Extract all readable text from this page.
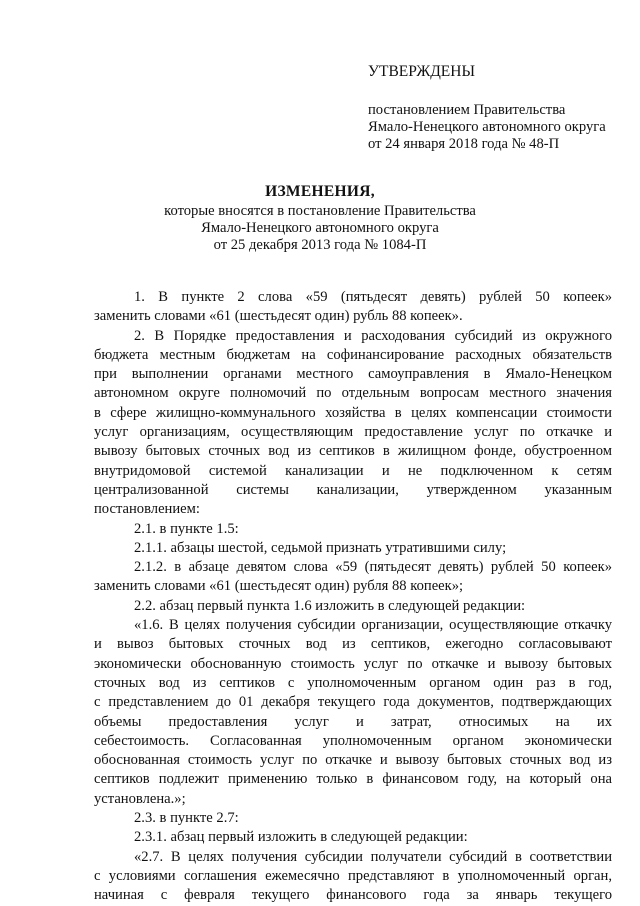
УТВЕРЖДЕНЫ
постановлением Правительства
Ямало-Ненецкого автономного округа
от 24 января 2018 года № 48-П
ИЗМЕНЕНИЯ,
которые вносятся в постановление Правительства
Ямало-Ненецкого автономного округа
от 25 декабря 2013 года № 1084-П
1. В пункте 2 слова «59 (пятьдесят девять) рублей 50 копеек»
заменить словами «61 (шестьдесят один) рубль 88 копеек».
2. В Порядке предоставления и расходования субсидий из окружного
бюджета местным бюджетам на софинансирование расходных обязательств
при выполнении органами местного самоуправления в Ямало-Ненецком
автономном округе полномочий по отдельным вопросам местного значения
в сфере жилищно-коммунального хозяйства в целях компенсации стоимости
услуг организациям, осуществляющим предоставление услуг по откачке и
вывозу бытовых сточных вод из септиков в жилищном фонде, обустроенном
внутридомовой системой канализации и не подключенном к сетям
централизованной системы канализации, утвержденном указанным
постановлением:
2.1. в пункте 1.5:
2.1.1. абзацы шестой, седьмой признать утратившими силу;
2.1.2. в абзаце девятом слова «59 (пятьдесят девять) рублей 50 копеек»
заменить словами «61 (шестьдесят один) рубля 88 копеек»;
2.2. абзац первый пункта 1.6 изложить в следующей редакции:
«1.6. В целях получения субсидии организации, осуществляющие откачку
и вывоз бытовых сточных вод из септиков, ежегодно согласовывают
экономически обоснованную стоимость услуг по откачке и вывозу бытовых
сточных вод из септиков с уполномоченным органом один раз в год,
с представлением до 01 декабря текущего года документов, подтверждающих
объемы предоставления услуг и затрат, относимых на их
себестоимость. Согласованная уполномоченным органом экономически
обоснованная стоимость услуг по откачке и вывозу бытовых сточных вод из
септиков подлежит применению только в финансовом году, на который она
установлена.»;
2.3. в пункте 2.7:
2.3.1. абзац первый изложить в следующей редакции:
«2.7. В целях получения субсидии получатели субсидий в соответствии
с условиями соглашения ежемесячно представляют в уполномоченный орган,
начиная с февраля текущего финансового года за январь текущего
